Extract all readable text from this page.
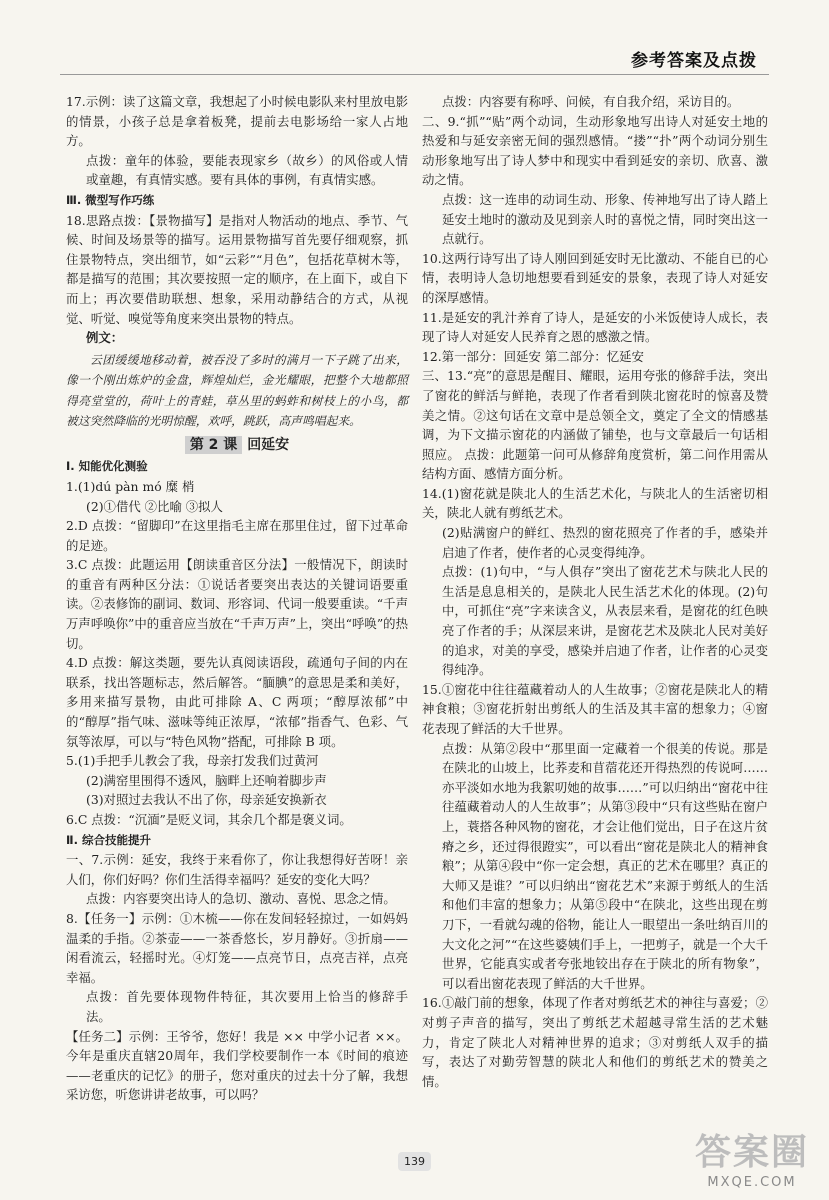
参考答案及点拨

17.示例：读了这篇文章，我想起了小时候电影队来村里放电影的情景，小孩子总是拿着板凳，提前去电影场给一家人占地方。

点拨：童年的体验，要能表现家乡（故乡）的风俗或人情或童趣，有真情实感。要有具体的事例，有真情实感。

Ⅲ. 微型写作巧练

18.思路点拨：【景物描写】是指对人物活动的地点、季节、气候、时间及场景等的描写。运用景物描写首先要仔细观察，抓住景物特点，突出细节，如“云彩”“月色”，包括花草树木等，都是描写的范围；其次要按照一定的顺序，在上面下，或自下而上；再次要借助联想、想象，采用动静结合的方式，从视觉、听觉、嗅觉等角度来突出景物的特点。

例文：

云团缓缓地移动着，被吞没了多时的满月一下子跳了出来，像一个刚出炼炉的金盘，辉煌灿烂，金光耀眼，把整个大地都照得亮堂堂的，荷叶上的青蛙，草丛里的蚂蚱和树枝上的小鸟，都被这突然降临的光明惊醒，欢呼，跳跃，高声鸣唱起来。

第 2 课 回延安

Ⅰ. 知能优化测验

1.(1)dú pàn mó 糜 梢

(2)①借代 ②比喻 ③拟人

2.D 点拨：“留脚印”在这里指毛主席在那里住过，留下过革命的足迹。

3.C 点拨：此题运用【朗读重音区分法】一般情况下，朗读时的重音有两种区分法：①说话者要突出表达的关键词语要重读。②表修饰的副词、数词、形容词、代词一般要重读。“千声万声呼唤你”中的重音应当放在“千声万声”上，突出“呼唤”的热切。

4.D 点拨：解这类题，要先认真阅读语段，疏通句子间的内在联系，找出答题标志，然后解答。“腼腆”的意思是柔和美好，多用来描写景物，由此可排除 A、C 两项；“醇厚浓郁”中的“醇厚”指气味、滋味等纯正浓厚，“浓郁”指香气、色彩、气氛等浓厚，可以与“特色风物”搭配，可排除 B 项。

5.(1)手把手儿教会了我，母亲打发我们过黄河

(2)满窑里围得不透风，脑畔上还响着脚步声

(3)对照过去我认不出了你，母亲延安换新衣

6.C 点拨：“沉湎”是贬义词，其余几个都是褒义词。

Ⅱ. 综合技能提升

一、7.示例：延安，我终于来看你了，你让我想得好苦呀！亲人们，你们好吗？你们生活得幸福吗？延安的变化大吗？

点拨：内容要突出诗人的急切、激动、喜悦、思念之情。

8.【任务一】示例：①木梳——你在发间轻轻掠过，一如妈妈温柔的手指。②茶壶——一茶香悠长，岁月静好。③折扇——闲看流云，轻摇时光。④灯笼——点亮节日，点亮吉祥，点亮幸福。

点拨：首先要体现物件特征，其次要用上恰当的修辞手法。

【任务二】示例：王爷爷，您好！我是 ×× 中学小记者 ××。今年是重庆直辖20周年，我们学校要制作一本《时间的痕迹——老重庆的记忆》的册子，您对重庆的过去十分了解，我想采访您，听您讲讲老故事，可以吗？

点拨：内容要有称呼、问候，有自我介绍，采访目的。

二、9.“抓”“贴”两个动词，生动形象地写出诗人对延安土地的热爱和与延安亲密无间的强烈感情。“搂”“扑”两个动词分别生动形象地写出了诗人梦中和现实中看到延安的亲切、欣喜、激动之情。

点拨：这一连串的动词生动、形象、传神地写出了诗人踏上延安土地时的激动及见到亲人时的喜悦之情，同时突出这一点就行。

10.这两行诗写出了诗人刚回到延安时无比激动、不能自已的心情，表明诗人急切地想要看到延安的景象，表现了诗人对延安的深厚感情。

11.是延安的乳汁养育了诗人，是延安的小米饭使诗人成长，表现了诗人对延安人民养育之恩的感激之情。

12.第一部分：回延安 第二部分：忆延安

三、13.“亮”的意思是醒目、耀眼，运用夸张的修辞手法，突出了窗花的鲜活与鲜艳，表现了作者看到陕北窗花时的惊喜及赞美之情。②这句话在文章中是总领全文，奠定了全文的情感基调，为下文描示窗花的内涵做了铺垫，也与文章最后一句话相照应。 点拨：此题第一问可从修辞角度赏析，第二问作用需从结构方面、感情方面分析。

14.(1)窗花就是陕北人的生活艺术化，与陕北人的生活密切相关，陕北人就有剪纸艺术。

(2)贴满窗户的鲜红、热烈的窗花照亮了作者的手，感染并启迪了作者，使作者的心灵变得纯净。

点拨：(1)句中，“与人俱存”突出了窗花艺术与陕北人民的生活是息息相关的，是陕北人民生活艺术化的体现。(2)句中，可抓住“亮”字来读含义，从表层来看，是窗花的红色映亮了作者的手；从深层来讲，是窗花艺术及陕北人民对美好的追求，对美的享受，感染并启迪了作者，让作者的心灵变得纯净。

15.①窗花中往往蕴藏着动人的人生故事；②窗花是陕北人的精神食粮；③窗花折射出剪纸人的生活及其丰富的想象力；④窗花表现了鲜活的大千世界。

点拨：从第②段中“那里面一定藏着一个很美的传说。那是在陕北的山坡上，比荞麦和苜蓿花还开得热烈的传说呵……亦平淡如水地为我絮叨她的故事……”可以归纳出“窗花中往往蕴藏着动人的人生故事”；从第③段中“只有这些贴在窗户上，蓑搭各种风物的窗花，才会让他们觉出，日子在这片贫瘠之乡，还过得很蹬实”，可以看出“窗花是陕北人的精神食粮”；从第④段中“你一定会想，真正的艺术在哪里？真正的大师又是谁？”可以归纳出“窗花艺术”来源于剪纸人的生活和他们丰富的想象力；从第⑤段中“在陕北，这些出现在剪刀下，一看就勾魂的俗物，能让人一眼望出一条吐纳百川的大文化之河”“在这些婆姨们手上，一把剪子，就是一个大千世界，它能真实或者夸张地铰出存在于陕北的所有物象”，可以看出窗花表现了鲜活的大千世界。

16.①敲门前的想象，体现了作者对剪纸艺术的神往与喜爱；②对剪子声音的描写，突出了剪纸艺术超越寻常生活的艺术魅力，肯定了陕北人对精神世界的追求；③对剪纸人双手的描写，表达了对勤劳智慧的陕北人和他们的剪纸艺术的赞美之情。

139	答案圈
MXQE.COM
